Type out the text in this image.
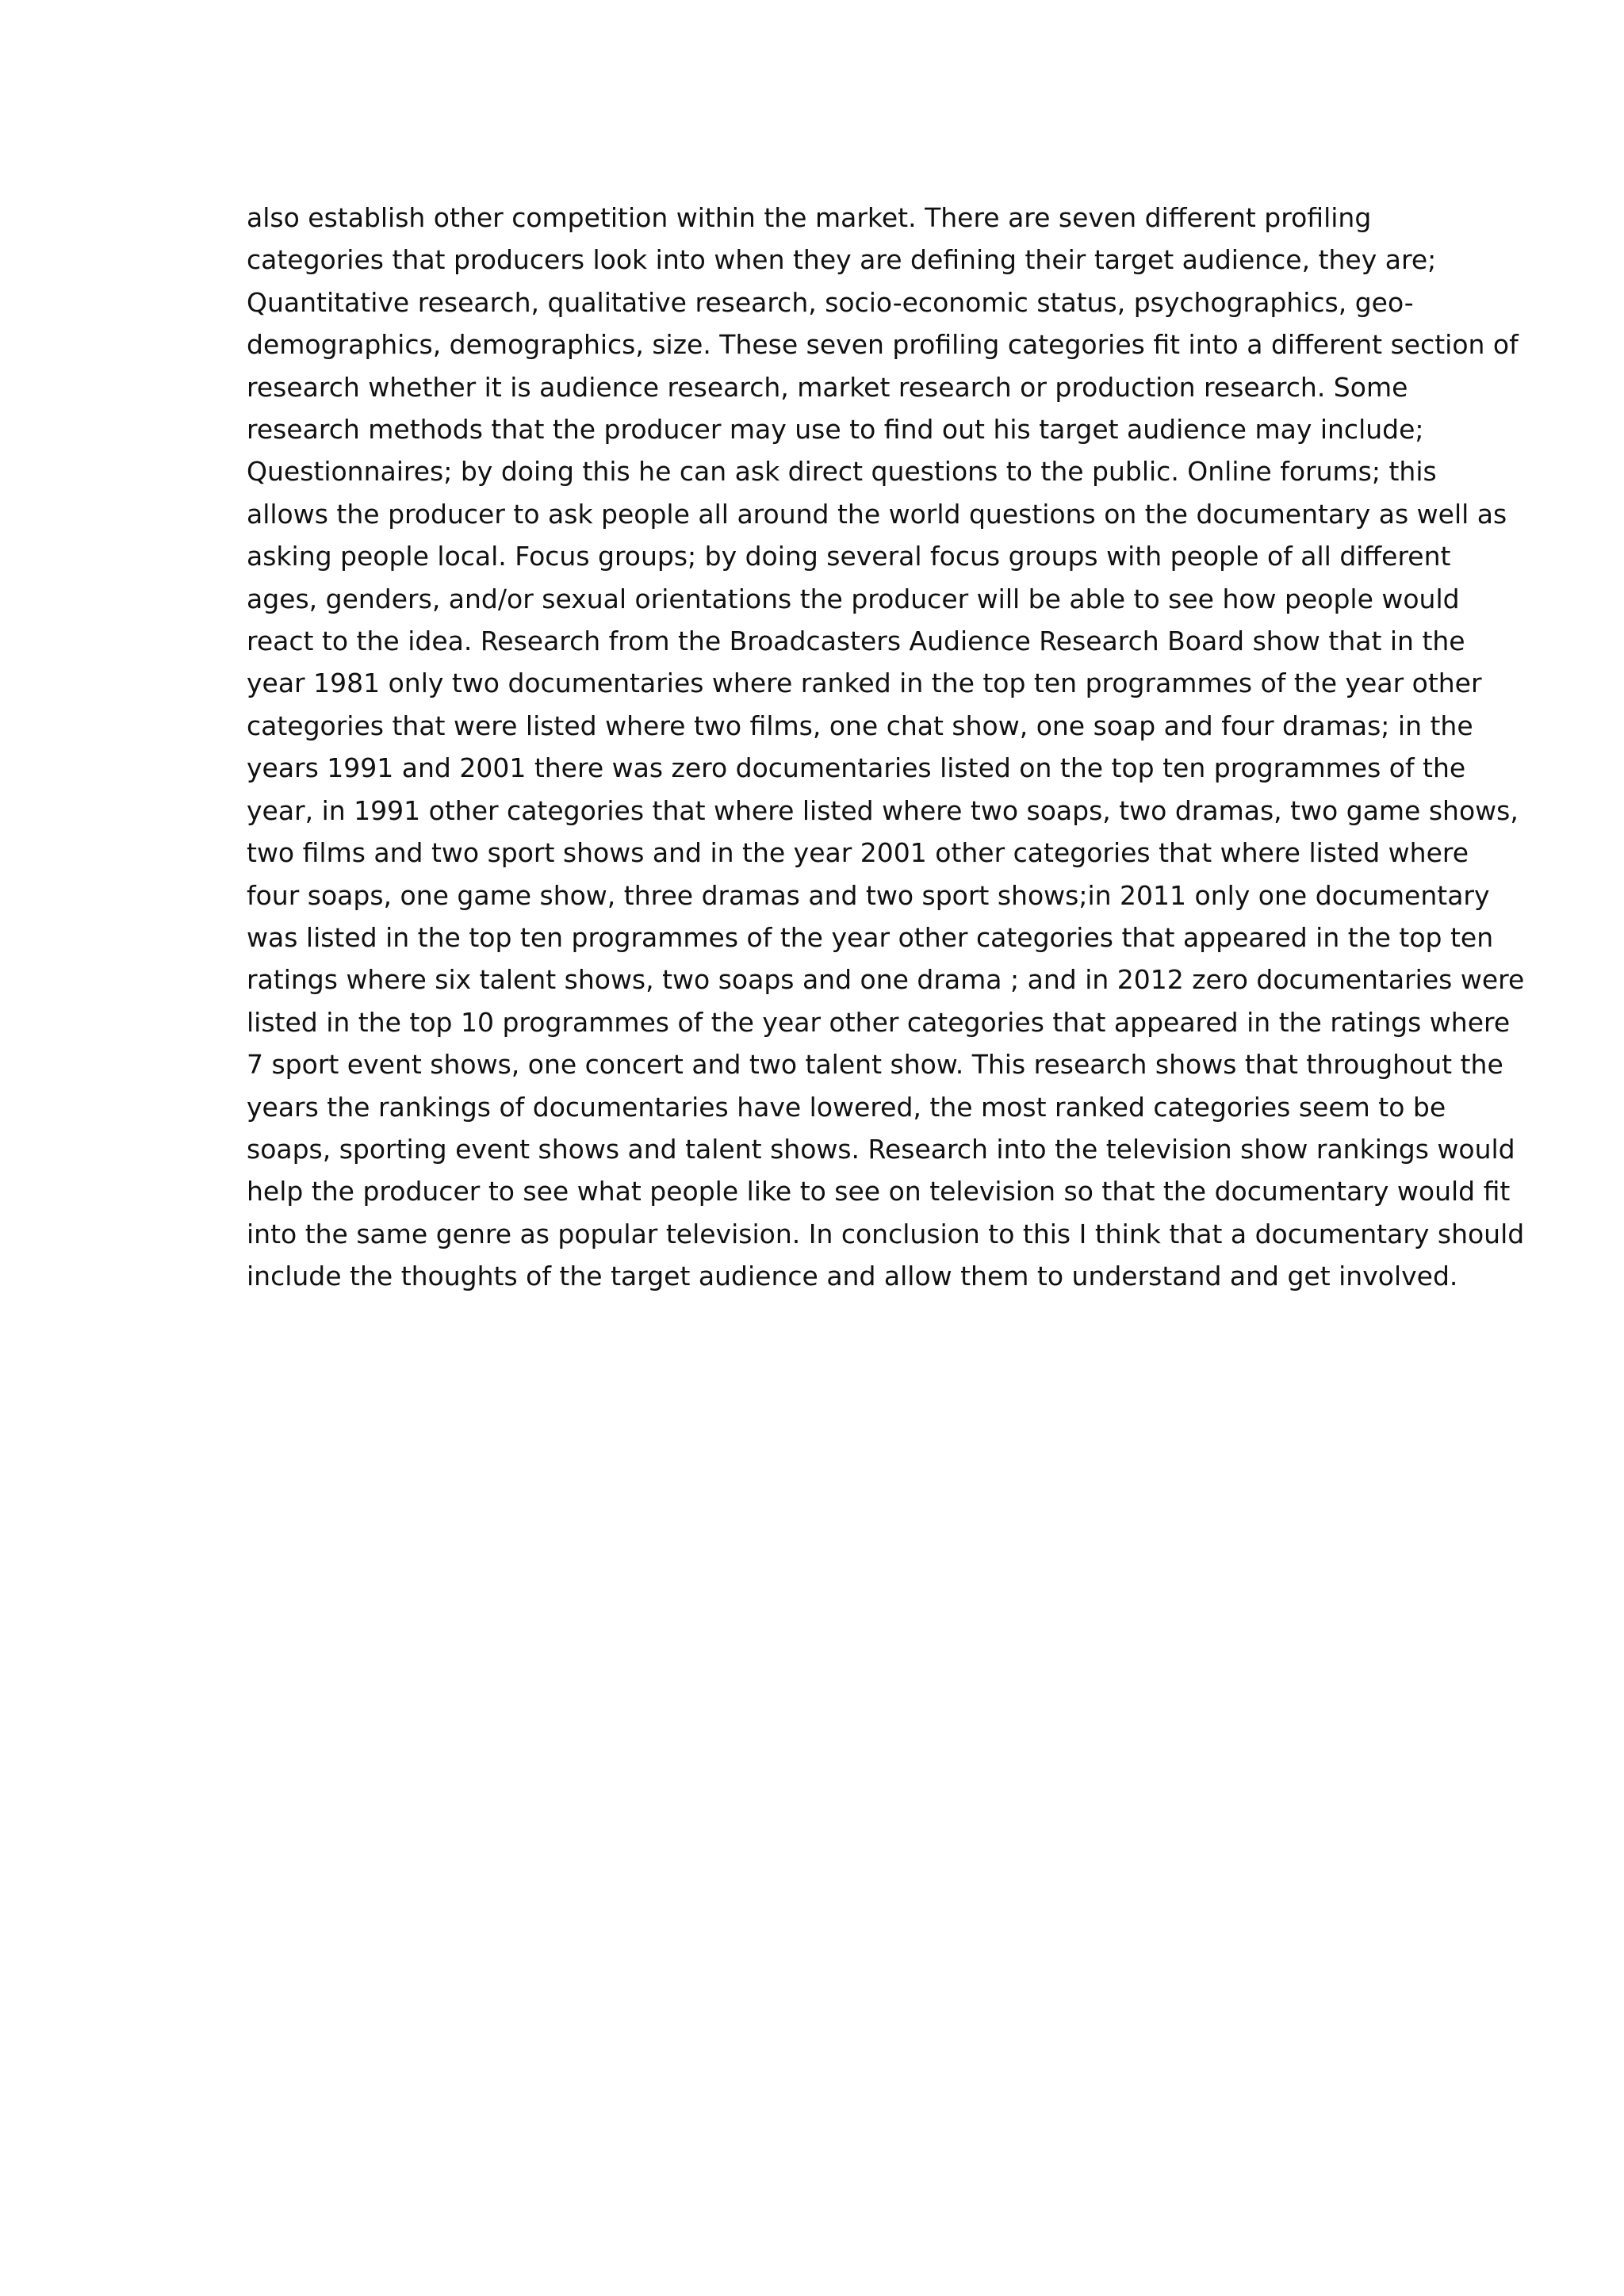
also establish other competition within the market. There are seven different profiling
categories that producers look into when they are defining their target audience, they are;
Quantitative research, qualitative research, socio-economic status, psychographics, geo-
demographics, demographics, size. These seven profiling categories fit into a different section of
research whether it is audience research, market research or production research. Some
research methods that the producer may use to find out his target audience may include;
Questionnaires; by doing this he can ask direct questions to the public. Online forums; this
allows the producer to ask people all around the world questions on the documentary as well as
asking people local. Focus groups; by doing several focus groups with people of all different
ages, genders, and/or sexual orientations the producer will be able to see how people would
react to the idea. Research from the Broadcasters Audience Research Board show that in the
year 1981 only two documentaries where ranked in the top ten programmes of the year other
categories that were listed where two films, one chat show, one soap and four dramas; in the
years 1991 and 2001 there was zero documentaries listed on the top ten programmes of the
year, in 1991 other categories that where listed where two soaps, two dramas, two game shows,
two films and two sport shows and in the year 2001 other categories that where listed where
four soaps, one game show, three dramas and two sport shows;in 2011 only one documentary
was listed in the top ten programmes of the year other categories that appeared in the top ten
ratings where six talent shows, two soaps and one drama ; and in 2012 zero documentaries were
listed in the top 10 programmes of the year other categories that appeared in the ratings where
7 sport event shows, one concert and two talent show. This research shows that throughout the
years the rankings of documentaries have lowered, the most ranked categories seem to be
soaps, sporting event shows and talent shows. Research into the television show rankings would
help the producer to see what people like to see on television so that the documentary would fit
into the same genre as popular television. In conclusion to this I think that a documentary should
include the thoughts of the target audience and allow them to understand and get involved.
